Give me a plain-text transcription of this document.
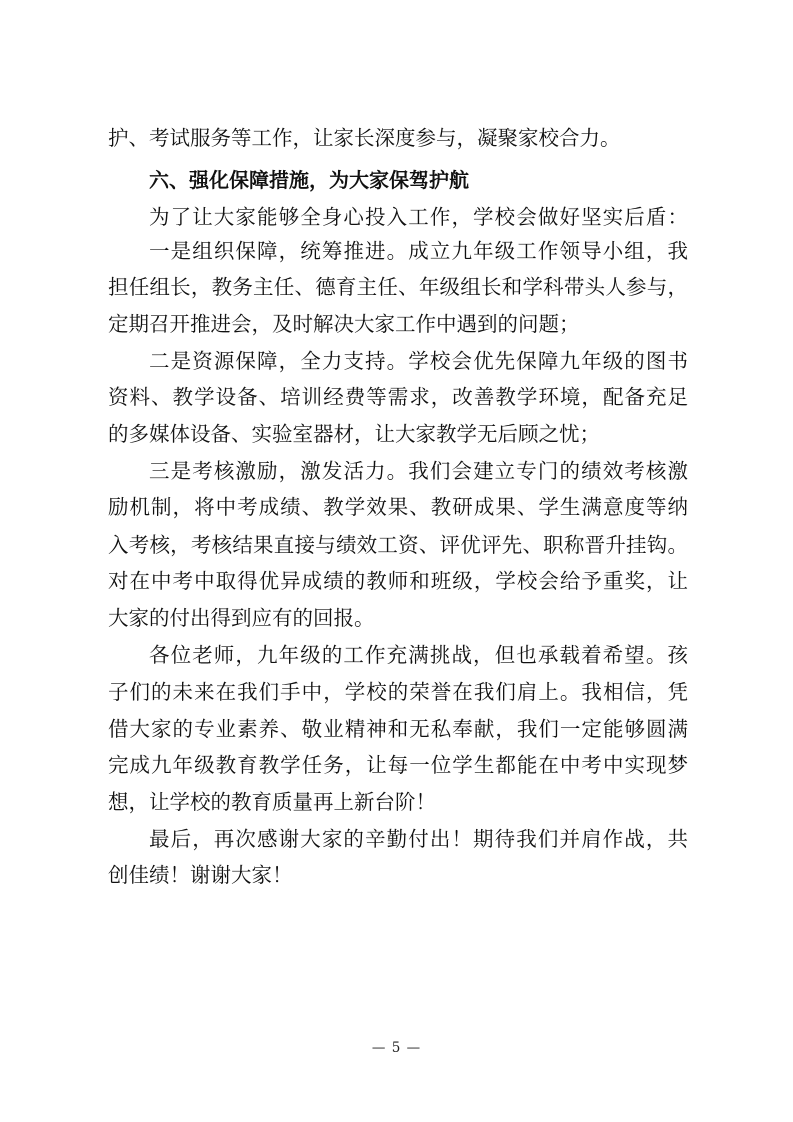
护、考试服务等工作，让家长深度参与，凝聚家校合力。
六、强化保障措施，为大家保驾护航
为了让大家能够全身心投入工作，学校会做好坚实后盾：
一是组织保障，统筹推进。成立九年级工作领导小组，我
担任组长，教务主任、德育主任、年级组长和学科带头人参与，
定期召开推进会，及时解决大家工作中遇到的问题；
二是资源保障，全力支持。学校会优先保障九年级的图书
资料、教学设备、培训经费等需求，改善教学环境，配备充足
的多媒体设备、实验室器材，让大家教学无后顾之忧；
三是考核激励，激发活力。我们会建立专门的绩效考核激
励机制，将中考成绩、教学效果、教研成果、学生满意度等纳
入考核，考核结果直接与绩效工资、评优评先、职称晋升挂钩。
对在中考中取得优异成绩的教师和班级，学校会给予重奖，让
大家的付出得到应有的回报。
各位老师，九年级的工作充满挑战，但也承载着希望。孩
子们的未来在我们手中，学校的荣誉在我们肩上。我相信，凭
借大家的专业素养、敬业精神和无私奉献，我们一定能够圆满
完成九年级教育教学任务，让每一位学生都能在中考中实现梦
想，让学校的教育质量再上新台阶！
最后，再次感谢大家的辛勤付出！期待我们并肩作战，共
创佳绩！谢谢大家！
— 5 —
